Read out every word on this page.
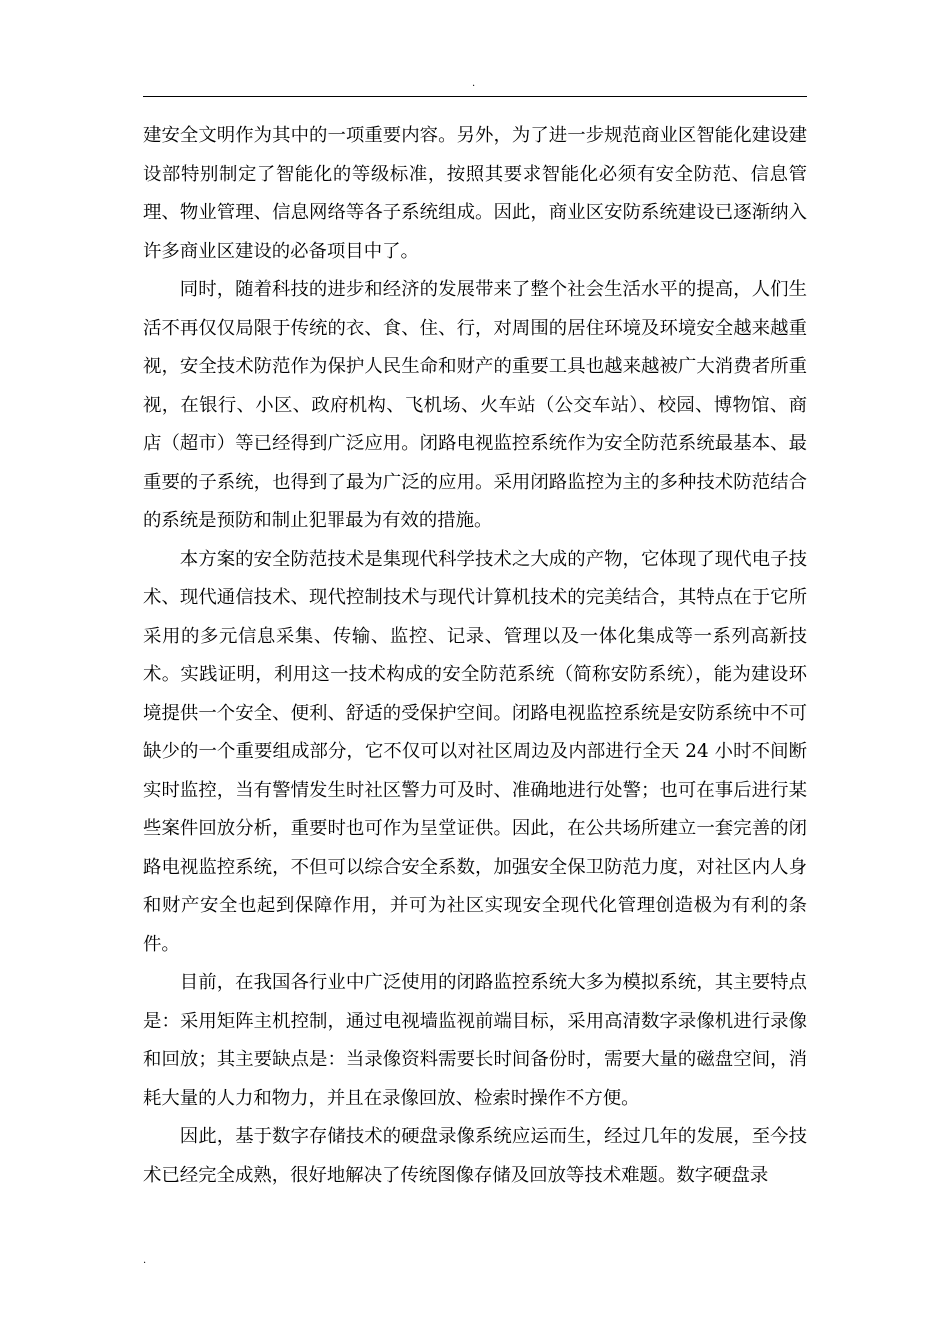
.

建安全文明作为其中的一项重要内容。另外，为了进一步规范商业区智能化建设建设部特别制定了智能化的等级标准，按照其要求智能化必须有安全防范、信息管理、物业管理、信息网络等各子系统组成。因此，商业区安防系统建设已逐渐纳入许多商业区建设的必备项目中了。

同时，随着科技的进步和经济的发展带来了整个社会生活水平的提高，人们生活不再仅仅局限于传统的衣、食、住、行，对周围的居住环境及环境安全越来越重视，安全技术防范作为保护人民生命和财产的重要工具也越来越被广大消费者所重视，在银行、小区、政府机构、飞机场、火车站（公交车站）、校园、博物馆、商店（超市）等已经得到广泛应用。闭路电视监控系统作为安全防范系统最基本、最重要的子系统，也得到了最为广泛的应用。采用闭路监控为主的多种技术防范结合的系统是预防和制止犯罪最为有效的措施。

本方案的安全防范技术是集现代科学技术之大成的产物，它体现了现代电子技术、现代通信技术、现代控制技术与现代计算机技术的完美结合，其特点在于它所采用的多元信息采集、传输、监控、记录、管理以及一体化集成等一系列高新技术。实践证明，利用这一技术构成的安全防范系统（简称安防系统），能为建设环境提供一个安全、便利、舒适的受保护空间。闭路电视监控系统是安防系统中不可缺少的一个重要组成部分，它不仅可以对社区周边及内部进行全天 24 小时不间断实时监控，当有警情发生时社区警力可及时、准确地进行处警；也可在事后进行某些案件回放分析，重要时也可作为呈堂证供。因此，在公共场所建立一套完善的闭路电视监控系统，不但可以综合安全系数，加强安全保卫防范力度，对社区内人身和财产安全也起到保障作用，并可为社区实现安全现代化管理创造极为有利的条件。

目前，在我国各行业中广泛使用的闭路监控系统大多为模拟系统，其主要特点是：采用矩阵主机控制，通过电视墙监视前端目标，采用高清数字录像机进行录像和回放；其主要缺点是：当录像资料需要长时间备份时，需要大量的磁盘空间，消耗大量的人力和物力，并且在录像回放、检索时操作不方便。

因此，基于数字存储技术的硬盘录像系统应运而生，经过几年的发展，至今技术已经完全成熟，很好地解决了传统图像存储及回放等技术难题。数字硬盘录

.
